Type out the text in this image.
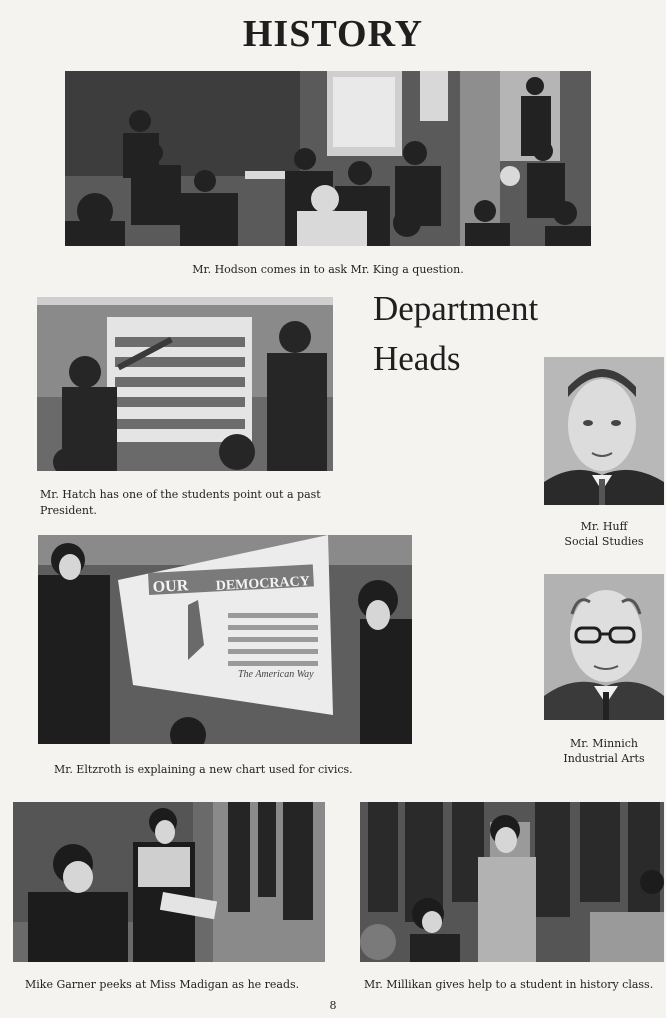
HISTORY
Mr. Hodson comes in to ask Mr. King a question.
Mr. Hatch has one of the students point out a past President.
Department
Heads
Mr. Huff
Social Studies
OUR DEMOCRACY
The American Way
Mr. Eltzroth is explaining a new chart used for civics.
Mr. Minnich
Industrial Arts
Mike Garner peeks at Miss Madigan as he reads.	Mr. Millikan gives help to a student in history class.
8
